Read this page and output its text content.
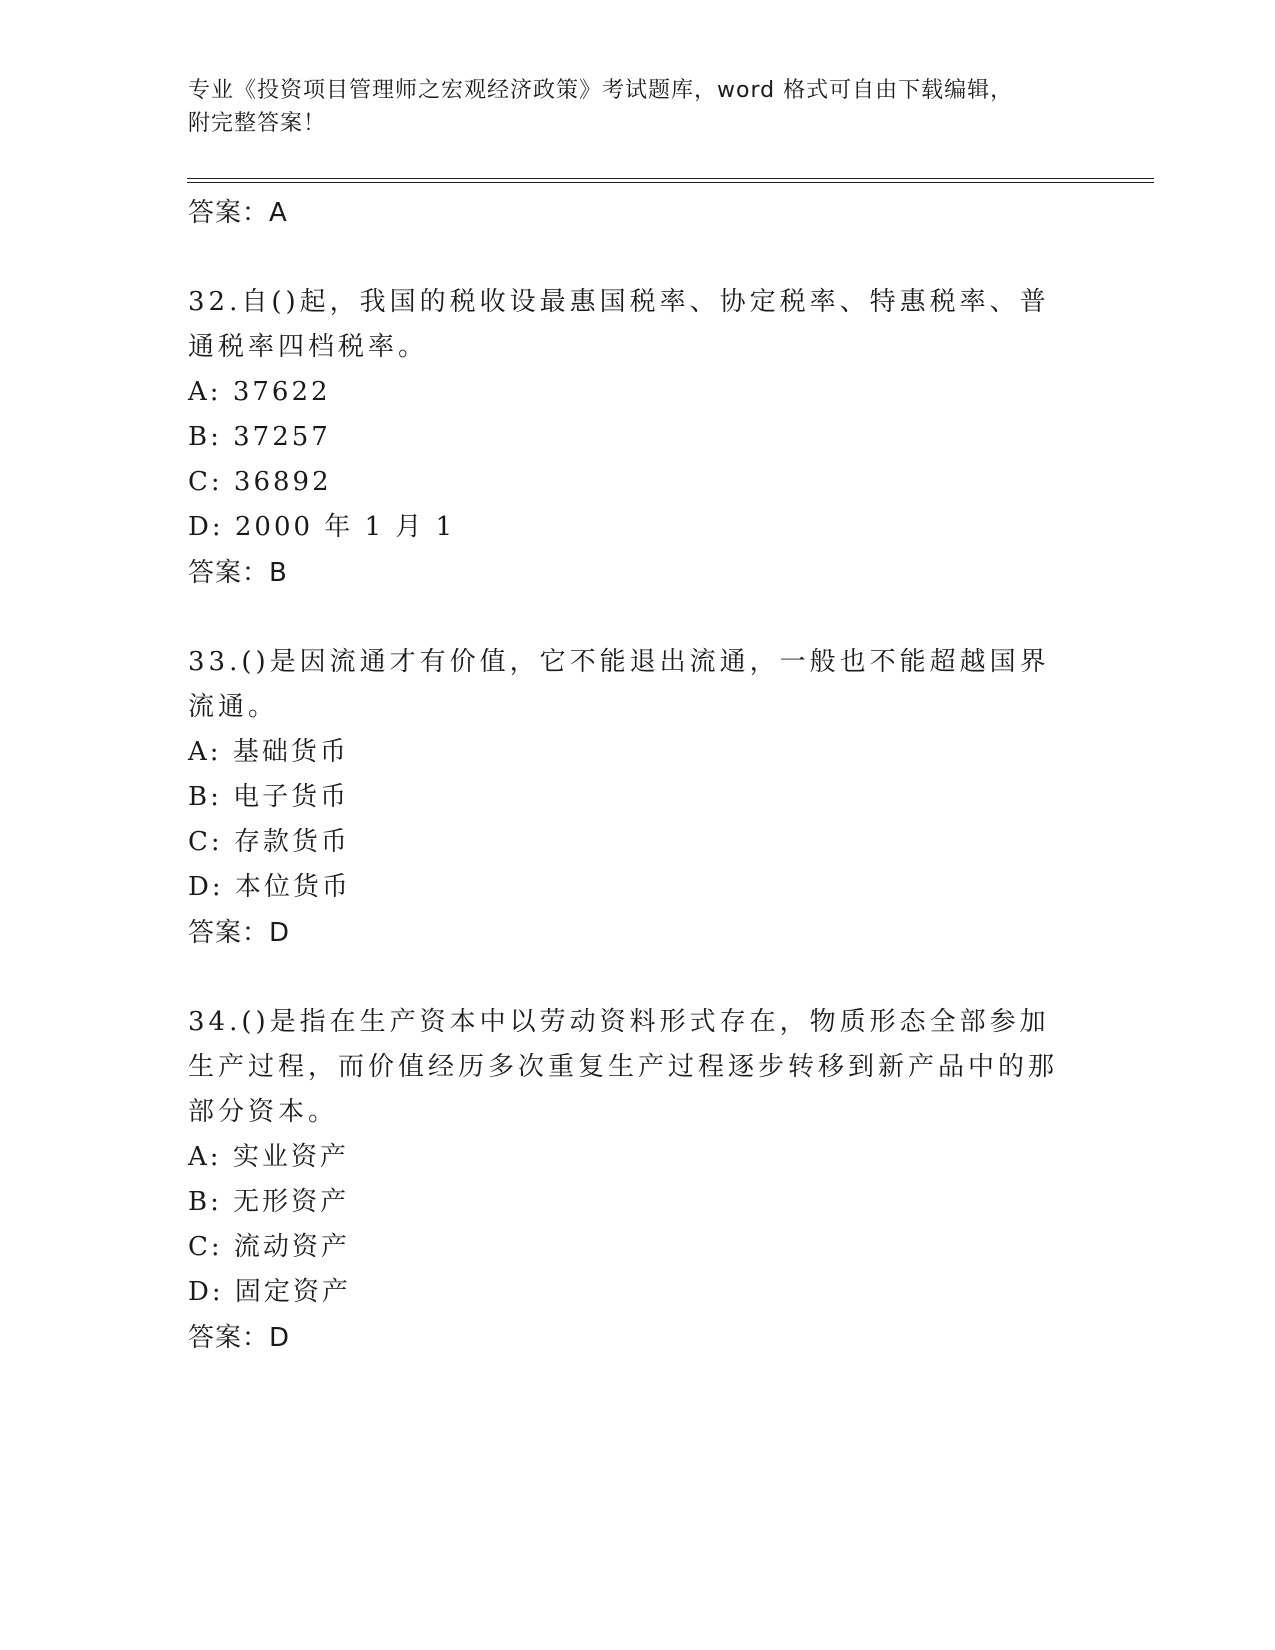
专业《投资项目管理师之宏观经济政策》考试题库，word 格式可自由下载编辑，
附完整答案！
答案：A
32.自()起，我国的税收设最惠国税率、协定税率、特惠税率、普通税率四档税率。
A: 37622
B: 37257
C: 36892
D: 2000 年 1 月 1
答案：B
33.()是因流通才有价值，它不能退出流通，一般也不能超越国界流通。
A: 基础货币
B: 电子货币
C: 存款货币
D: 本位货币
答案：D
34.()是指在生产资本中以劳动资料形式存在，物质形态全部参加生产过程，而价值经历多次重复生产过程逐步转移到新产品中的那部分资本。
A: 实业资产
B: 无形资产
C: 流动资产
D: 固定资产
答案：D
